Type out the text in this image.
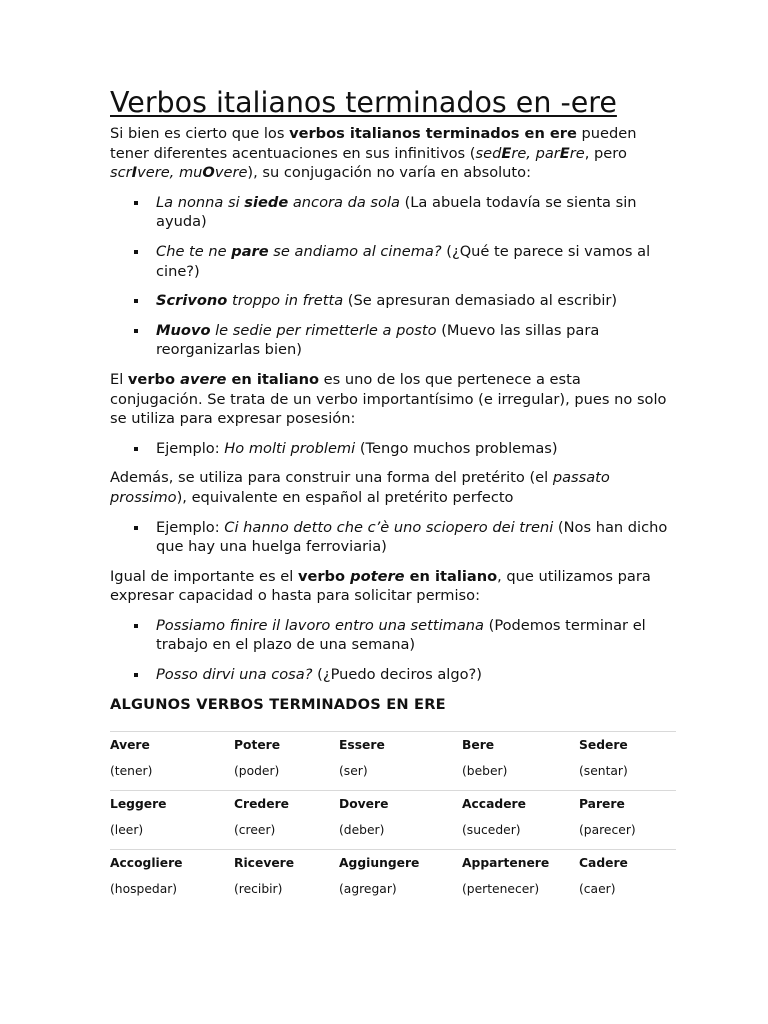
Verbos italianos terminados en -ere

Si bien es cierto que los verbos italianos terminados en ere pueden tener diferentes acentuaciones en sus infinitivos (sedEre, parEre, pero scrIvere, muOvere), su conjugación no varía en absoluto:

La nonna si siede ancora da sola (La abuela todavía se sienta sin ayuda)
Che te ne pare se andiamo al cinema? (¿Qué te parece si vamos al cine?)
Scrivono troppo in fretta (Se apresuran demasiado al escribir)
Muovo le sedie per rimetterle a posto (Muevo las sillas para reorganizarlas bien)

El verbo avere en italiano es uno de los que pertenece a esta conjugación. Se trata de un verbo importantísimo (e irregular), pues no solo se utiliza para expresar posesión:

Ejemplo: Ho molti problemi (Tengo muchos problemas)

Además, se utiliza para construir una forma del pretérito (el passato prossimo), equivalente en español al pretérito perfecto

Ejemplo: Ci hanno detto che c’è uno sciopero dei treni (Nos han dicho que hay una huelga ferroviaria)

Igual de importante es el verbo potere en italiano, que utilizamos para expresar capacidad o hasta para solicitar permiso:

Possiamo finire il lavoro entro una settimana (Podemos terminar el trabajo en el plazo de una semana)
Posso dirvi una cosa? (¿Puedo deciros algo?)
ALGUNOS VERBOS TERMINADOS EN ERE
Avere	Potere	Essere	Bere	Sedere
(tener)	(poder)	(ser)	(beber)	(sentar)
Leggere	Credere	Dovere	Accadere	Parere
(leer)	(creer)	(deber)	(suceder)	(parecer)
Accogliere	Ricevere	Aggiungere	Appartenere	Cadere
(hospedar)	(recibir)	(agregar)	(pertenecer)	(caer)
